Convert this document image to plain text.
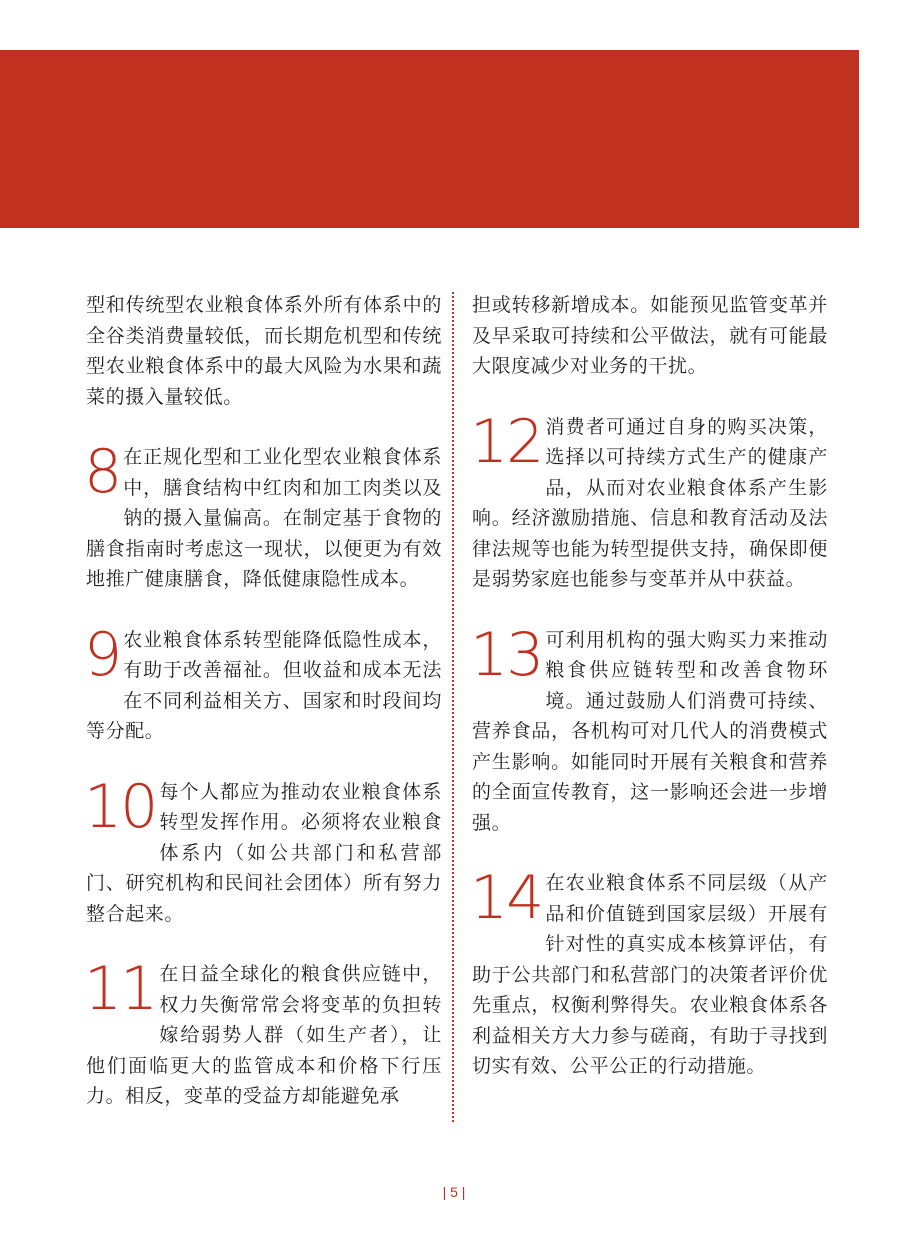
型和传统型农业粮食体系外所有体系中的全谷类消费量较低，而长期危机型和传统型农业粮食体系中的最大风险为水果和蔬菜的摄入量较低。

8 在正规化型和工业化型农业粮食体系中，膳食结构中红肉和加工肉类以及钠的摄入量偏高。在制定基于食物的膳食指南时考虑这一现状，以便更为有效地推广健康膳食，降低健康隐性成本。

9 农业粮食体系转型能降低隐性成本，有助于改善福祉。但收益和成本无法在不同利益相关方、国家和时段间均等分配。

10 每个人都应为推动农业粮食体系转型发挥作用。必须将农业粮食体系内（如公共部门和私营部门、研究机构和民间社会团体）所有努力整合起来。

11 在日益全球化的粮食供应链中，权力失衡常常会将变革的负担转嫁给弱势人群（如生产者），让他们面临更大的监管成本和价格下行压力。相反，变革的受益方却能避免承

担或转移新增成本。如能预见监管变革并及早采取可持续和公平做法，就有可能最大限度减少对业务的干扰。

12 消费者可通过自身的购买决策，选择以可持续方式生产的健康产品，从而对农业粮食体系产生影响。经济激励措施、信息和教育活动及法律法规等也能为转型提供支持，确保即便是弱势家庭也能参与变革并从中获益。

13 可利用机构的强大购买力来推动粮食供应链转型和改善食物环境。通过鼓励人们消费可持续、营养食品，各机构可对几代人的消费模式产生影响。如能同时开展有关粮食和营养的全面宣传教育，这一影响还会进一步增强。

14 在农业粮食体系不同层级（从产品和价值链到国家层级）开展有针对性的真实成本核算评估，有助于公共部门和私营部门的决策者评价优先重点，权衡利弊得失。农业粮食体系各利益相关方大力参与磋商，有助于寻找到切实有效、公平公正的行动措施。

| 5 |
